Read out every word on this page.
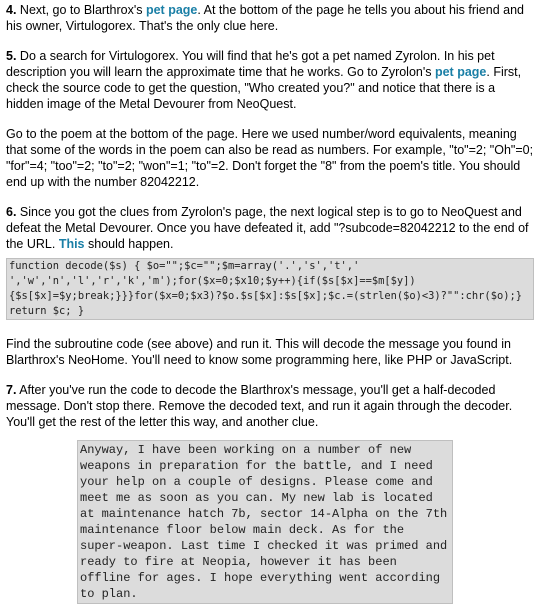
4. Next, go to Blarthrox's pet page. At the bottom of the page he tells you about his friend and his owner, Virtulogorex. That's the only clue here.

5. Do a search for Virtulogorex. You will find that he's got a pet named Zyrolon. In his pet description you will learn the approximate time that he works. Go to Zyrolon's pet page. First, check the source code to get the question, "Who created you?" and notice that there is a hidden image of the Metal Devourer from NeoQuest.

Go to the poem at the bottom of the page. Here we used number/word equivalents, meaning that some of the words in the poem can also be read as numbers. For example, "to"=2; "Oh"=0; "for"=4; "too"=2; "to"=2; "won"=1; "to"=2. Don't forget the "8" from the poem's title. You should end up with the number 82042212.

6. Since you got the clues from Zyrolon's page, the next logical step is to go to NeoQuest and defeat the Metal Devourer. Once you have defeated it, add "?subcode=82042212 to the end of the URL. This should happen.

function decode($s) { $o="";$c="";$m=array('.','s','t',' ','w','n','l','r','k','m');for($x=0;$x10;$y++){if($s[$x]==$m[$y]){$s[$x]=$y;break;}}}for($x=0;$x3)?$o.$s[$x]:$s[$x];$c.=(strlen($o)<3)?"":chr($o);} return $c; }

Find the subroutine code (see above) and run it. This will decode the message you found in Blarthrox's NeoHome. You'll need to know some programming here, like PHP or JavaScript.

7. After you've run the code to decode the Blarthrox's message, you'll get a half-decoded message. Don't stop there. Remove the decoded text, and run it again through the decoder. You'll get the rest of the letter this way, and another clue.

Anyway, I have been working on a number of new weapons in preparation for the battle, and I need your help on a couple of designs. Please come and meet me as soon as you can. My new lab is located at maintenance hatch 7b, sector 14-Alpha on the 7th maintenance floor below main deck. As for the super-weapon. Last time I checked it was primed and ready to fire at Neopia, however it has been offline for ages. I hope everything went according to plan.
